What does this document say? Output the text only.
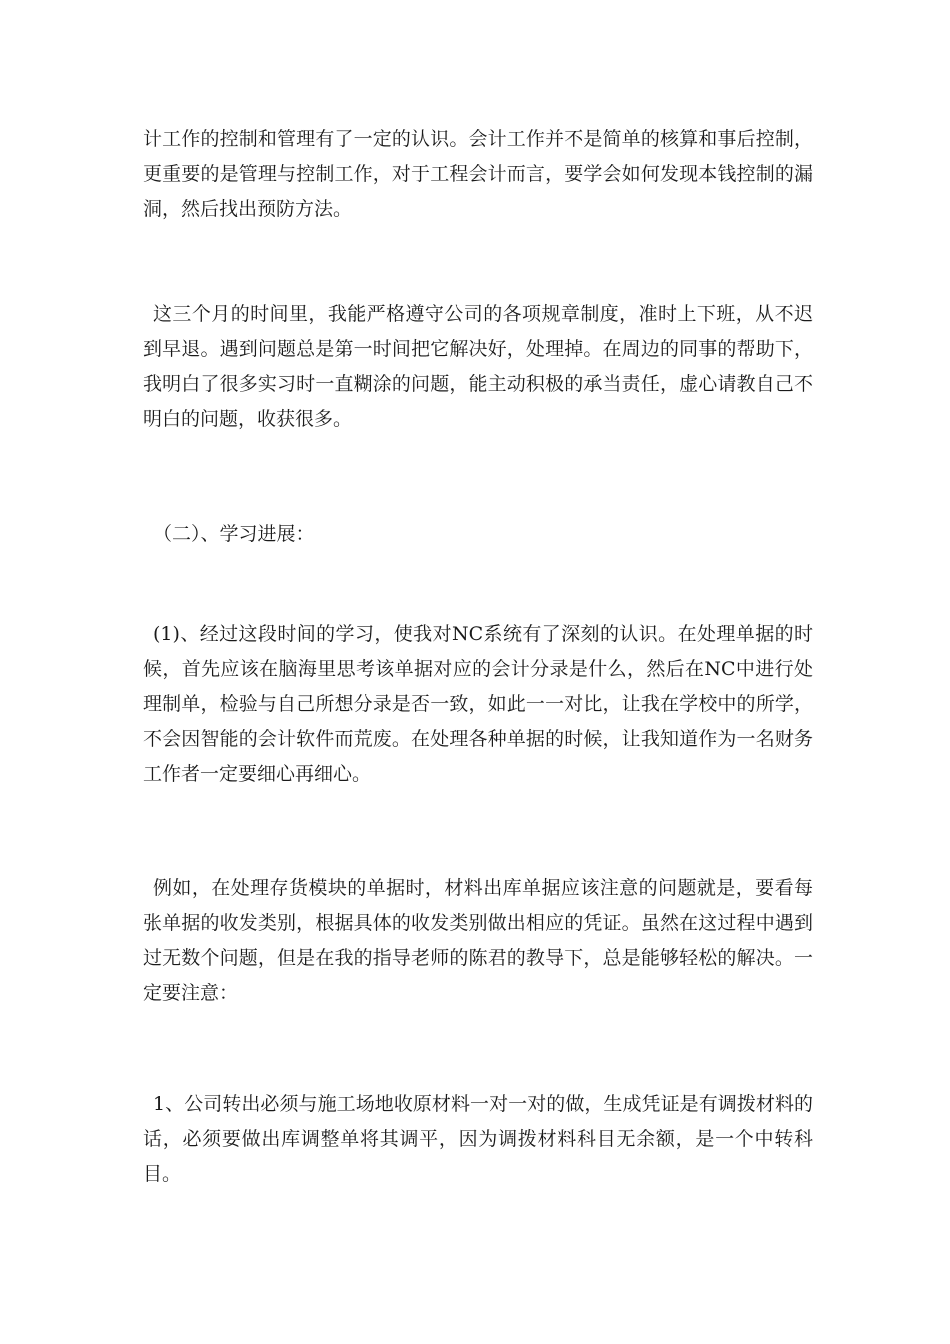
计工作的控制和管理有了一定的认识。会计工作并不是简单的核算和事后控制，更重要的是管理与控制工作，对于工程会计而言，要学会如何发现本钱控制的漏洞，然后找出预防方法。

这三个月的时间里，我能严格遵守公司的各项规章制度，准时上下班，从不迟到早退。遇到问题总是第一时间把它解决好，处理掉。在周边的同事的帮助下，我明白了很多实习时一直糊涂的问题，能主动积极的承当责任，虚心请教自己不明白的问题，收获很多。

（二）、学习进展：

(1)、经过这段时间的学习，使我对NC系统有了深刻的认识。在处理单据的时候，首先应该在脑海里思考该单据对应的会计分录是什么，然后在NC中进行处理制单，检验与自己所想分录是否一致，如此一一对比，让我在学校中的所学，不会因智能的会计软件而荒废。在处理各种单据的时候，让我知道作为一名财务工作者一定要细心再细心。

例如，在处理存货模块的单据时，材料出库单据应该注意的问题就是，要看每张单据的收发类别，根据具体的收发类别做出相应的凭证。虽然在这过程中遇到过无数个问题，但是在我的指导老师的陈君的教导下，总是能够轻松的解决。一定要注意：

1、公司转出必须与施工场地收原材料一对一对的做，生成凭证是有调拨材料的话，必须要做出库调整单将其调平，因为调拨材料科目无余额，是一个中转科目。
